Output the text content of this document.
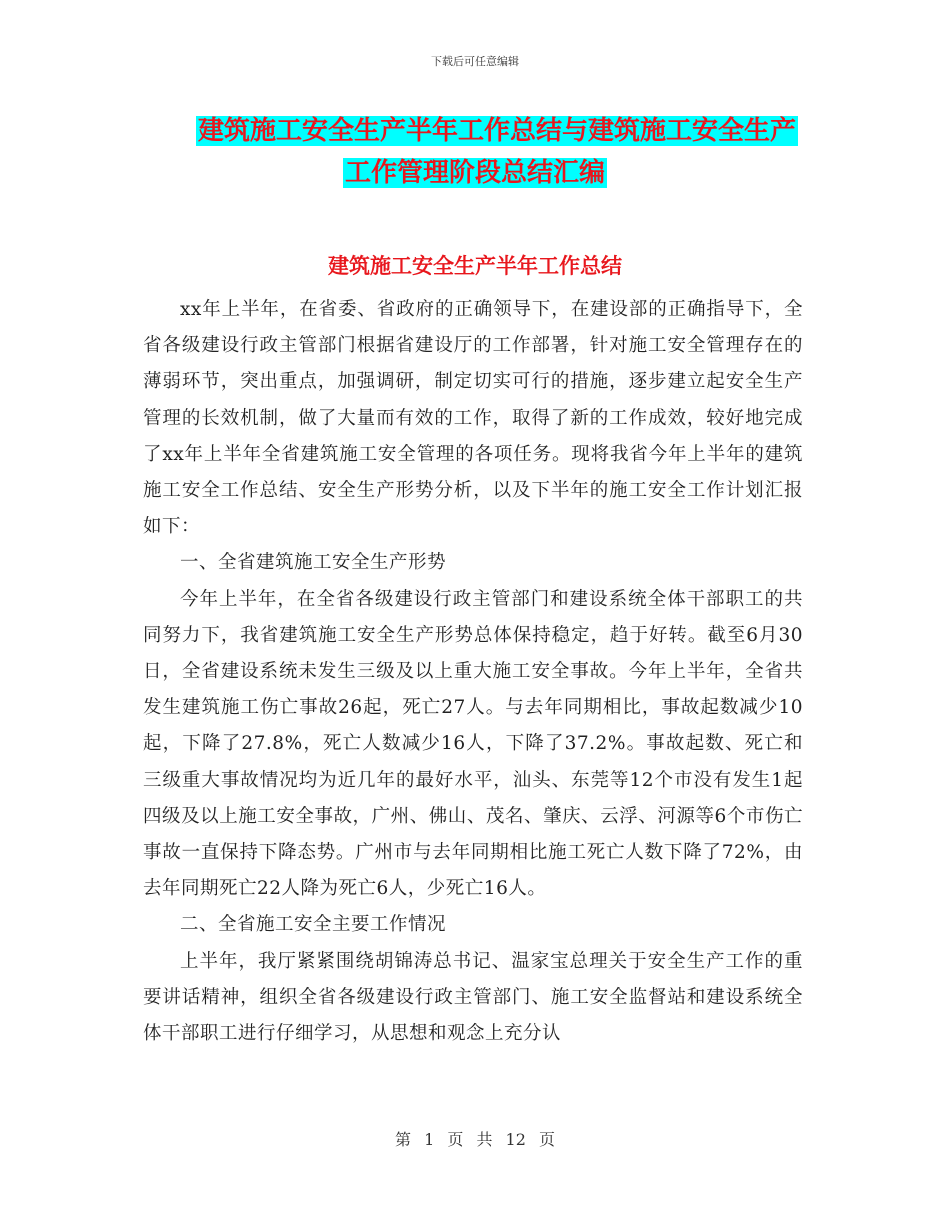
下载后可任意编辑
建筑施工安全生产半年工作总结与建筑施工安全生产
工作管理阶段总结汇编
建筑施工安全生产半年工作总结

xx年上半年，在省委、省政府的正确领导下，在建设部的正确指导下，全省各级建设行政主管部门根据省建设厅的工作部署，针对施工安全管理存在的薄弱环节，突出重点，加强调研，制定切实可行的措施，逐步建立起安全生产管理的长效机制，做了大量而有效的工作，取得了新的工作成效，较好地完成了xx年上半年全省建筑施工安全管理的各项任务。现将我省今年上半年的建筑施工安全工作总结、安全生产形势分析，以及下半年的施工安全工作计划汇报如下：

一、全省建筑施工安全生产形势

今年上半年，在全省各级建设行政主管部门和建设系统全体干部职工的共同努力下，我省建筑施工安全生产形势总体保持稳定，趋于好转。截至6月30日，全省建设系统未发生三级及以上重大施工安全事故。今年上半年，全省共发生建筑施工伤亡事故26起，死亡27人。与去年同期相比，事故起数减少10起，下降了27.8%，死亡人数减少16人，下降了37.2%。事故起数、死亡和三级重大事故情况均为近几年的最好水平，汕头、东莞等12个市没有发生1起四级及以上施工安全事故，广州、佛山、茂名、肇庆、云浮、河源等6个市伤亡事故一直保持下降态势。广州市与去年同期相比施工死亡人数下降了72%，由去年同期死亡22人降为死亡6人，少死亡16人。

二、全省施工安全主要工作情况

上半年，我厅紧紧围绕胡锦涛总书记、温家宝总理关于安全生产工作的重要讲话精神，组织全省各级建设行政主管部门、施工安全监督站和建设系统全体干部职工进行仔细学习，从思想和观念上充分认

第 1 页 共 12 页
